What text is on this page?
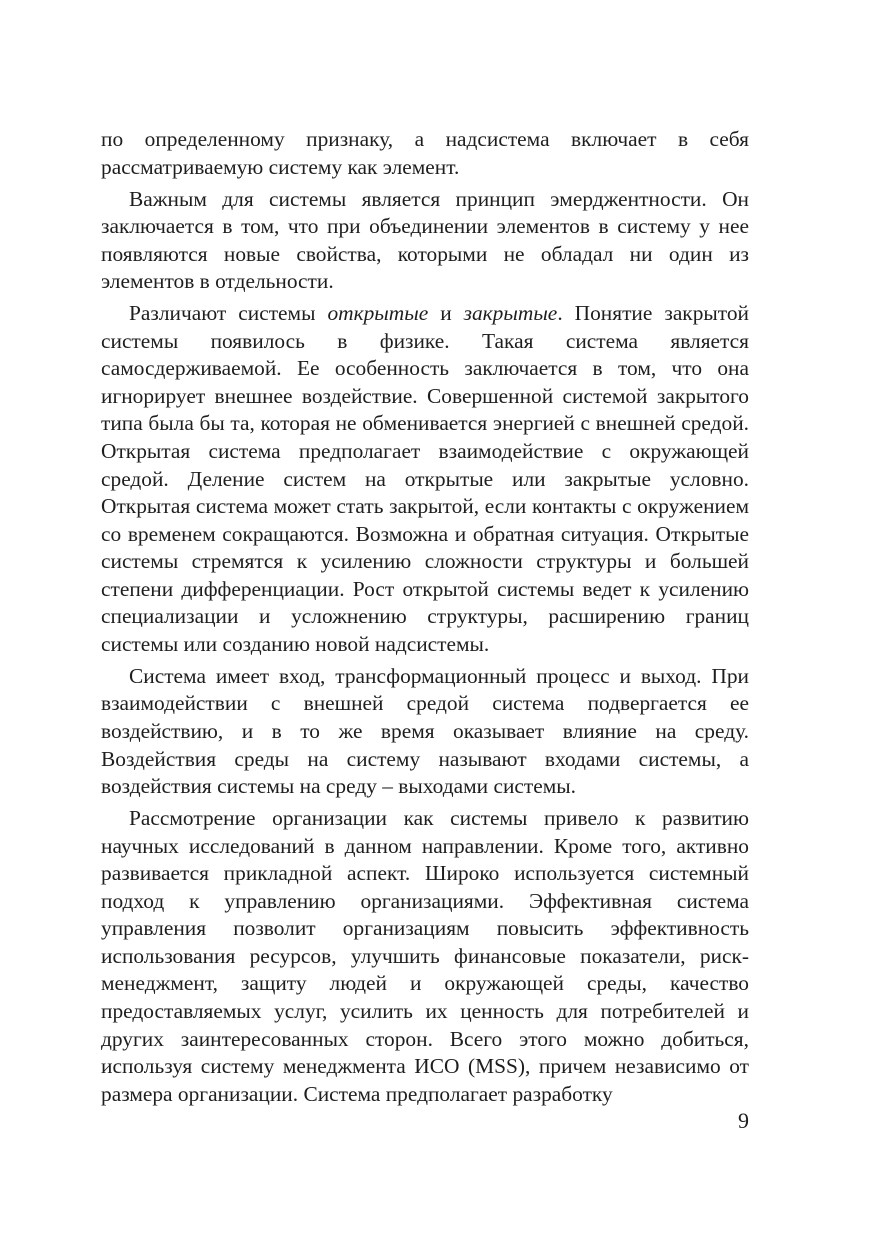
по определенному признаку, а надсистема включает в себя рассматриваемую систему как элемент.

Важным для системы является принцип эмерджентности. Он заключается в том, что при объединении элементов в систему у нее появляются новые свойства, которыми не обладал ни один из элементов в отдельности.

Различают системы открытые и закрытые. Понятие закрытой системы появилось в физике. Такая система является самосдерживаемой. Ее особенность заключается в том, что она игнорирует внешнее воздействие. Совершенной системой закрытого типа была бы та, которая не обменивается энергией с внешней средой. Открытая система предполагает взаимодействие с окружающей средой. Деление систем на открытые или закрытые условно. Открытая система может стать закрытой, если контакты с окружением со временем сокращаются. Возможна и обратная ситуация. Открытые системы стремятся к усилению сложности структуры и большей степени дифференциации. Рост открытой системы ведет к усилению специализации и усложнению структуры, расширению границ системы или созданию новой надсистемы.

Система имеет вход, трансформационный процесс и выход. При взаимодействии с внешней средой система подвергается ее воздействию, и в то же время оказывает влияние на среду. Воздействия среды на систему называют входами системы, а воздействия системы на среду – выходами системы.

Рассмотрение организации как системы привело к развитию научных исследований в данном направлении. Кроме того, активно развивается прикладной аспект. Широко используется системный подход к управлению организациями. Эффективная система управления позволит организациям повысить эффективность использования ресурсов, улучшить финансовые показатели, риск-менеджмент, защиту людей и окружающей среды, качество предоставляемых услуг, усилить их ценность для потребителей и других заинтересованных сторон. Всего этого можно добиться, используя систему менеджмента ИСО (MSS), причем независимо от размера организации. Система предполагает разработку

9
